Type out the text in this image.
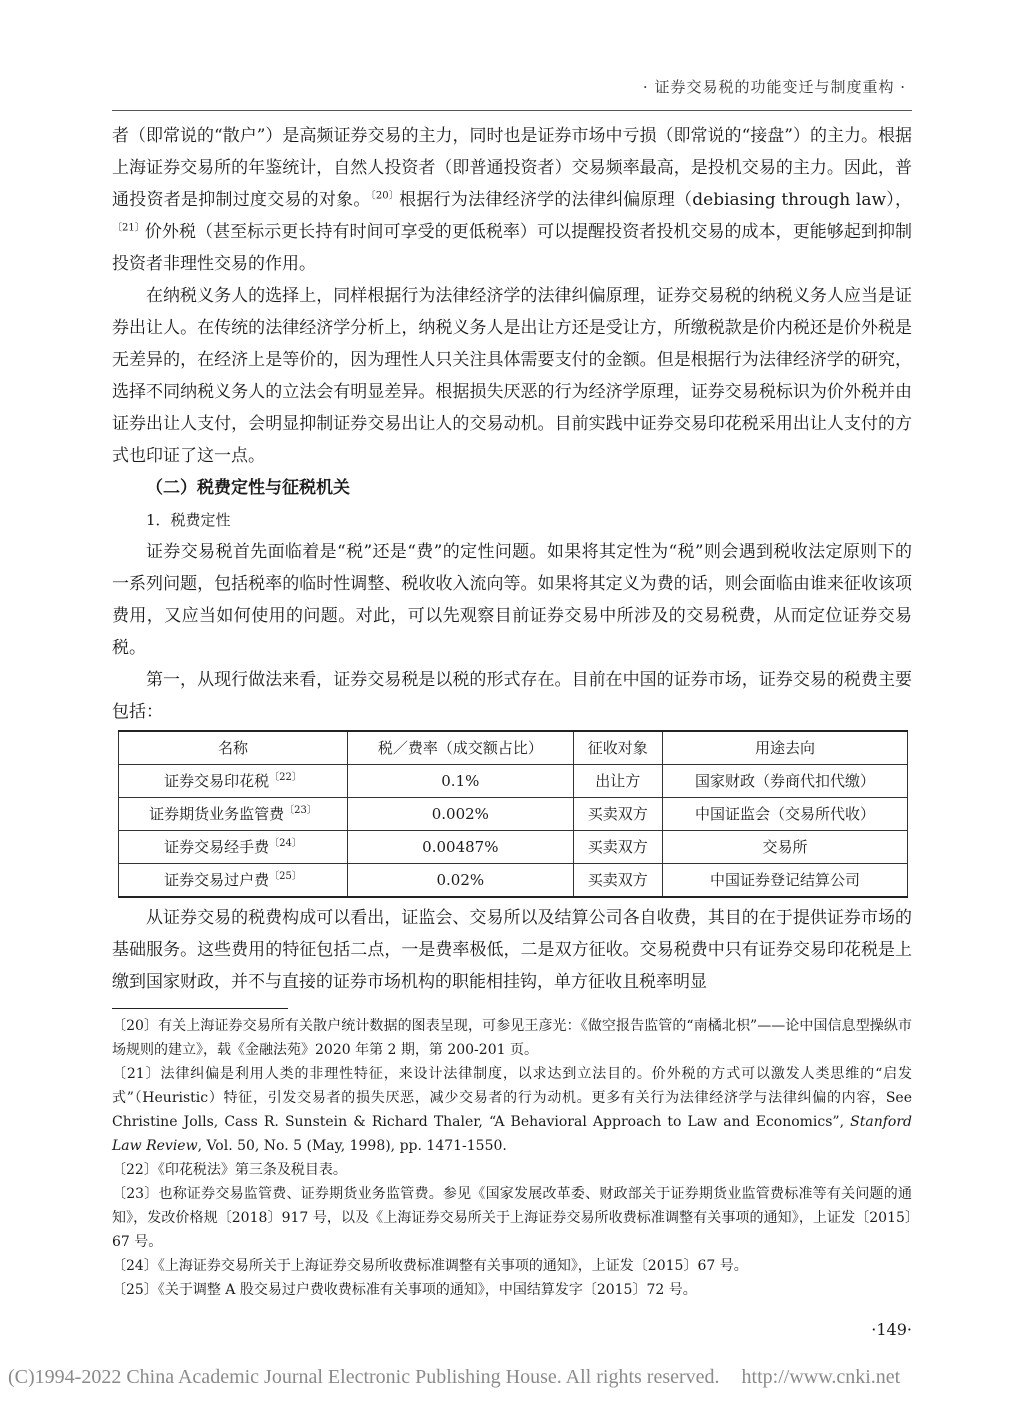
· 证券交易税的功能变迁与制度重构 ·

者（即常说的“散户”）是高频证券交易的主力，同时也是证券市场中亏损（即常说的“接盘”）的主力。根据上海证券交易所的年鉴统计，自然人投资者（即普通投资者）交易频率最高，是投机交易的主力。因此，普通投资者是抑制过度交易的对象。$^{〔20〕}$根据行为法律经济学的法律纠偏原理（debiasing through law），$^{〔21〕}$价外税（甚至标示更长持有时间可享受的更低税率）可以提醒投资者投机交易的成本，更能够起到抑制投资者非理性交易的作用。

在纳税义务人的选择上，同样根据行为法律经济学的法律纠偏原理，证券交易税的纳税义务人应当是证券出让人。在传统的法律经济学分析上，纳税义务人是出让方还是受让方，所缴税款是价内税还是价外税是无差异的，在经济上是等价的，因为理性人只关注具体需要支付的金额。但是根据行为法律经济学的研究，选择不同纳税义务人的立法会有明显差异。根据损失厌恶的行为经济学原理，证券交易税标识为价外税并由证券出让人支付，会明显抑制证券交易出让人的交易动机。目前实践中证券交易印花税采用出让人支付的方式也印证了这一点。

（二）税费定性与征税机关

1．税费定性

证券交易税首先面临着是“税”还是“费”的定性问题。如果将其定性为“税”则会遇到税收法定原则下的一系列问题，包括税率的临时性调整、税收收入流向等。如果将其定义为费的话，则会面临由谁来征收该项费用，又应当如何使用的问题。对此，可以先观察目前证券交易中所涉及的交易税费，从而定位证券交易税。

第一，从现行做法来看，证券交易税是以税的形式存在。目前在中国的证券市场，证券交易的税费主要包括：

名称	税／费率（成交额占比）	征收对象	用途去向
证券交易印花税$^{〔22〕}$	0.1%	出让方	国家财政（券商代扣代缴）
证券期货业务监管费$^{〔23〕}$	0.002%	买卖双方	中国证监会（交易所代收）
证券交易经手费$^{〔24〕}$	0.00487%	买卖双方	交易所
证券交易过户费$^{〔25〕}$	0.02%	买卖双方	中国证券登记结算公司

从证券交易的税费构成可以看出，证监会、交易所以及结算公司各自收费，其目的在于提供证券市场的基础服务。这些费用的特征包括二点，一是费率极低，二是双方征收。交易税费中只有证券交易印花税是上缴到国家财政，并不与直接的证券市场机构的职能相挂钩，单方征收且税率明显

〔20〕有关上海证券交易所有关散户统计数据的图表呈现，可参见王彦光：《做空报告监管的“南橘北枳”——论中国信息型操纵市场规则的建立》，载《金融法苑》2020 年第 2 期，第 200-201 页。

〔21〕法律纠偏是利用人类的非理性特征，来设计法律制度，以求达到立法目的。价外税的方式可以激发人类思维的“启发式”（Heuristic）特征，引发交易者的损失厌恶，减少交易者的行为动机。更多有关行为法律经济学与法律纠偏的内容，See Christine Jolls, Cass R. Sunstein & Richard Thaler, “A Behavioral Approach to Law and Economics”, Stanford Law Review, Vol. 50, No. 5 (May, 1998), pp. 1471-1550.

〔22〕《印花税法》第三条及税目表。

〔23〕也称证券交易监管费、证券期货业务监管费。参见《国家发展改革委、财政部关于证券期货业监管费标准等有关问题的通知》，发改价格规〔2018〕917 号，以及《上海证券交易所关于上海证券交易所收费标准调整有关事项的通知》，上证发〔2015〕67 号。

〔24〕《上海证券交易所关于上海证券交易所收费标准调整有关事项的通知》，上证发〔2015〕67 号。

〔25〕《关于调整 A 股交易过户费收费标准有关事项的通知》，中国结算发字〔2015〕72 号。

·149·
(C)1994-2022 China Academic Journal Electronic Publishing House. All rights reserved. http://www.cnki.net
